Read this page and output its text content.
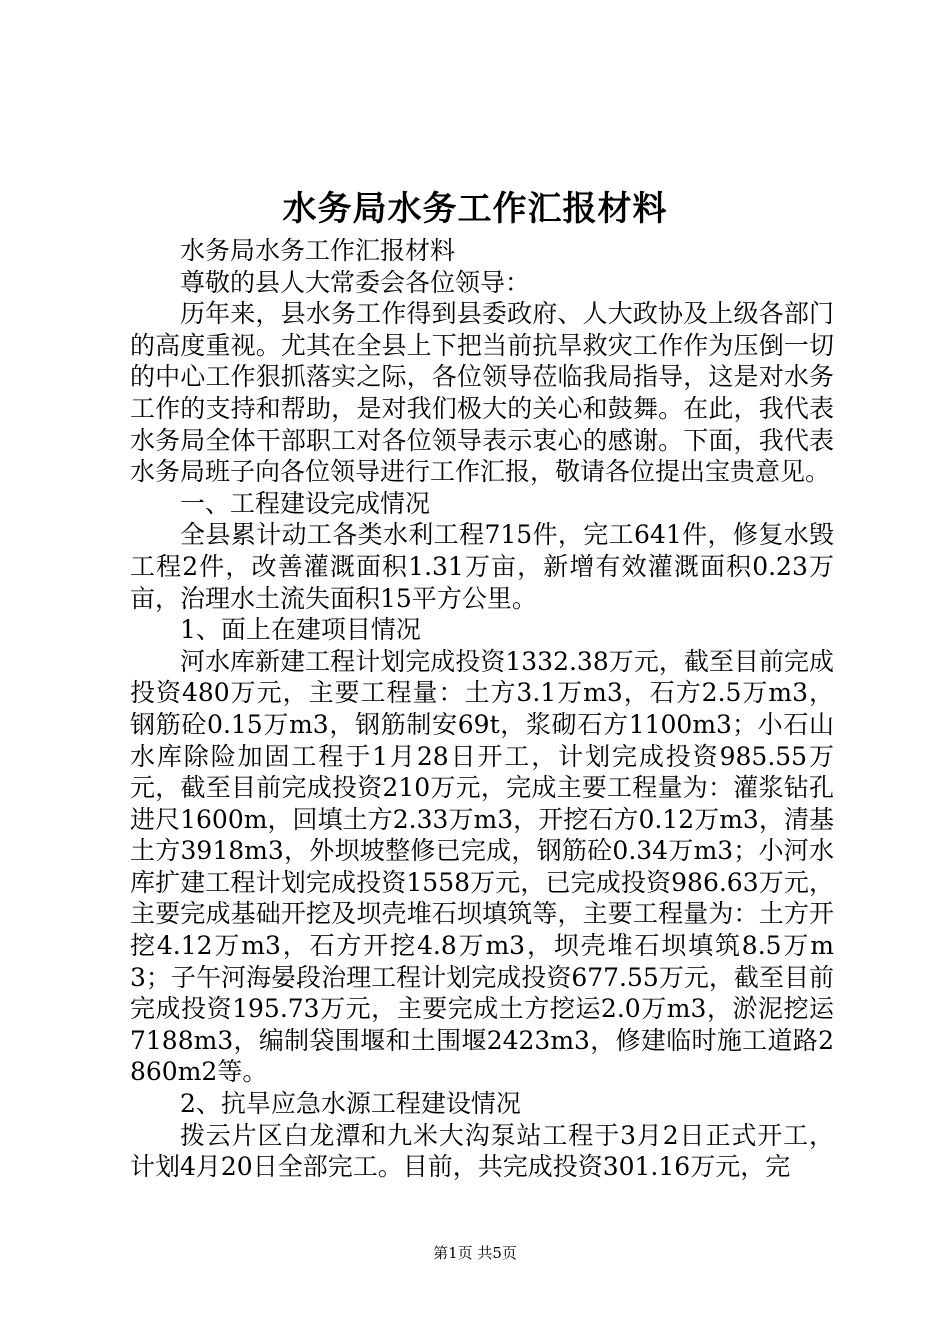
水务局水务工作汇报材料

水务局水务工作汇报材料

尊敬的县人大常委会各位领导：

历年来，县水务工作得到县委政府、人大政协及上级各部门的高度重视。尤其在全县上下把当前抗旱救灾工作作为压倒一切的中心工作狠抓落实之际，各位领导莅临我局指导，这是对水务工作的支持和帮助，是对我们极大的关心和鼓舞。在此，我代表水务局全体干部职工对各位领导表示衷心的感谢。下面，我代表水务局班子向各位领导进行工作汇报，敬请各位提出宝贵意见。

一、工程建设完成情况

全县累计动工各类水利工程715件，完工641件，修复水毁工程2件，改善灌溉面积1.31万亩，新增有效灌溉面积0.23万亩，治理水土流失面积15平方公里。

1、面上在建项目情况

河水库新建工程计划完成投资1332.38万元，截至目前完成投资480万元，主要工程量：土方3.1万m3，石方2.5万m3，钢筋砼0.15万m3，钢筋制安69t，浆砌石方1100m3；小石山水库除险加固工程于1月28日开工，计划完成投资985.55万元，截至目前完成投资210万元，完成主要工程量为：灌浆钻孔进尺1600m，回填土方2.33万m3，开挖石方0.12万m3，清基土方3918m3，外坝坡整修已完成，钢筋砼0.34万m3；小河水库扩建工程计划完成投资1558万元，已完成投资986.63万元，主要完成基础开挖及坝壳堆石坝填筑等，主要工程量为：土方开挖4.12万m3，石方开挖4.8万m3，坝壳堆石坝填筑8.5万m3；子午河海晏段治理工程计划完成投资677.55万元，截至目前完成投资195.73万元，主要完成土方挖运2.0万m3，淤泥挖运7188m3，编制袋围堰和土围堰2423m3，修建临时施工道路2860m2等。

2、抗旱应急水源工程建设情况

拨云片区白龙潭和九米大沟泵站工程于3月2日正式开工，计划4月20日全部完工。目前，共完成投资301.16万元，完

第1页 共5页
